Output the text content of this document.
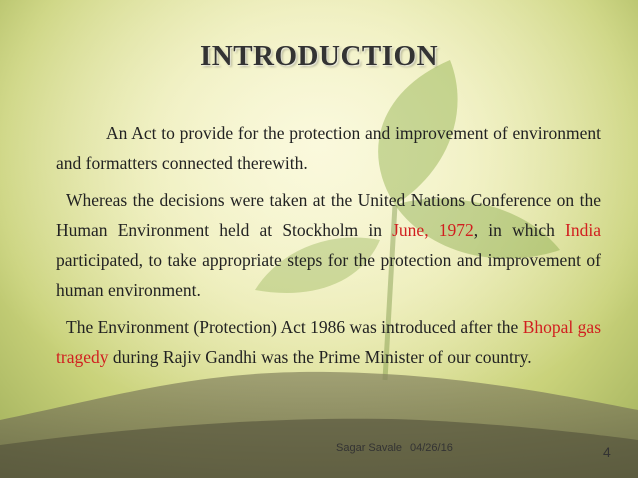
INTRODUCTION

An Act to provide for the protection and improvement of environment and formatters connected therewith.

Whereas the decisions were taken at the United Nations Conference on the Human Environment held at Stockholm in June, 1972, in which India participated, to take appropriate steps for the protection and improvement of human environment.

The Environment (Protection) Act 1986 was introduced after the Bhopal gas tragedy during Rajiv Gandhi was the Prime Minister of our country.

Sagar Savale 04/26/16	4
